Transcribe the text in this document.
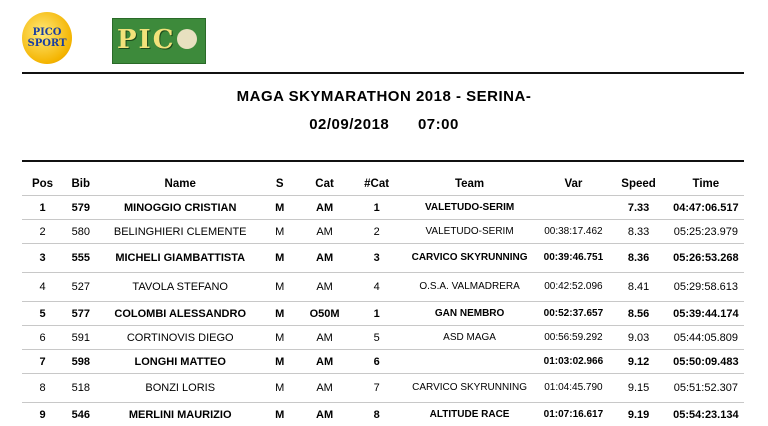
PICO
SPORT PIC
MAGA SKYMARATHON 2018 - SERINA-
02/09/2018 07:00
Pos	Bib	Name	S	Cat	#Cat	Team	Var	Speed	Time
1	579	MINOGGIO CRISTIAN	M	AM	1	VALETUDO-SERIM		7.33	04:47:06.517
2	580	BELINGHIERI CLEMENTE	M	AM	2	VALETUDO-SERIM	00:38:17.462	8.33	05:25:23.979
3	555	MICHELI GIAMBATTISTA	M	AM	3	CARVICO SKYRUNNING	00:39:46.751	8.36	05:26:53.268
4	527	TAVOLA STEFANO	M	AM	4	O.S.A. VALMADRERA	00:42:52.096	8.41	05:29:58.613
5	577	COLOMBI ALESSANDRO	M	O50M	1	GAN NEMBRO	00:52:37.657	8.56	05:39:44.174
6	591	CORTINOVIS DIEGO	M	AM	5	ASD MAGA	00:56:59.292	9.03	05:44:05.809
7	598	LONGHI MATTEO	M	AM	6		01:03:02.966	9.12	05:50:09.483
8	518	BONZI LORIS	M	AM	7	CARVICO SKYRUNNING	01:04:45.790	9.15	05:51:52.307
9	546	MERLINI MAURIZIO	M	AM	8	ALTITUDE RACE	01:07:16.617	9.19	05:54:23.134
